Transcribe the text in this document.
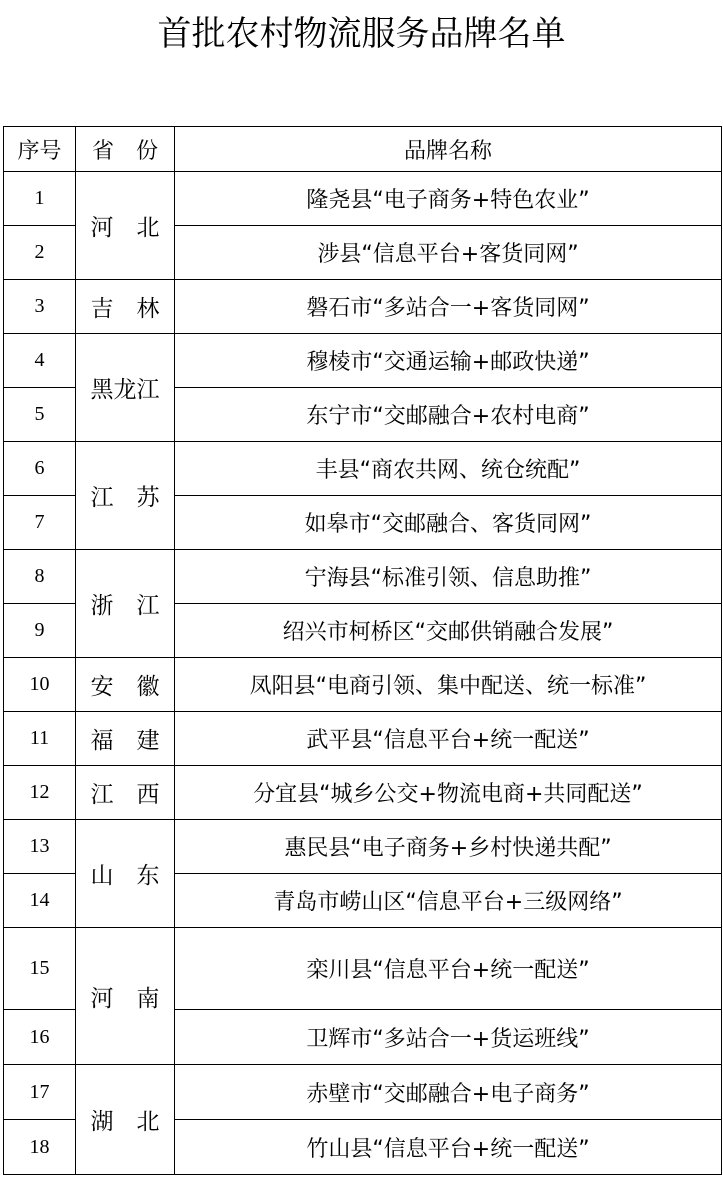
首批农村物流服务品牌名单
序号	省　份	品牌名称
1	河　北	隆尧县“电子商务+特色农业”
2		涉县“信息平台+客货同网”
3	吉　林	磐石市“多站合一+客货同网”
4	黑龙江	穆棱市“交通运输+邮政快递”
5		东宁市“交邮融合+农村电商”
6	江　苏	丰县“商农共网、统仓统配”
7		如皋市“交邮融合、客货同网”
8	浙　江	宁海县“标准引领、信息助推”
9		绍兴市柯桥区“交邮供销融合发展”
10	安　徽	凤阳县“电商引领、集中配送、统一标准”
11	福　建	武平县“信息平台+统一配送”
12	江　西	分宜县“城乡公交+物流电商+共同配送”
13	山　东	惠民县“电子商务+乡村快递共配”
14		青岛市崂山区“信息平台+三级网络”
15	河　南	栾川县“信息平台+统一配送”
16		卫辉市“多站合一+货运班线”
17	湖　北	赤壁市“交邮融合+电子商务”
18		竹山县“信息平台+统一配送”
